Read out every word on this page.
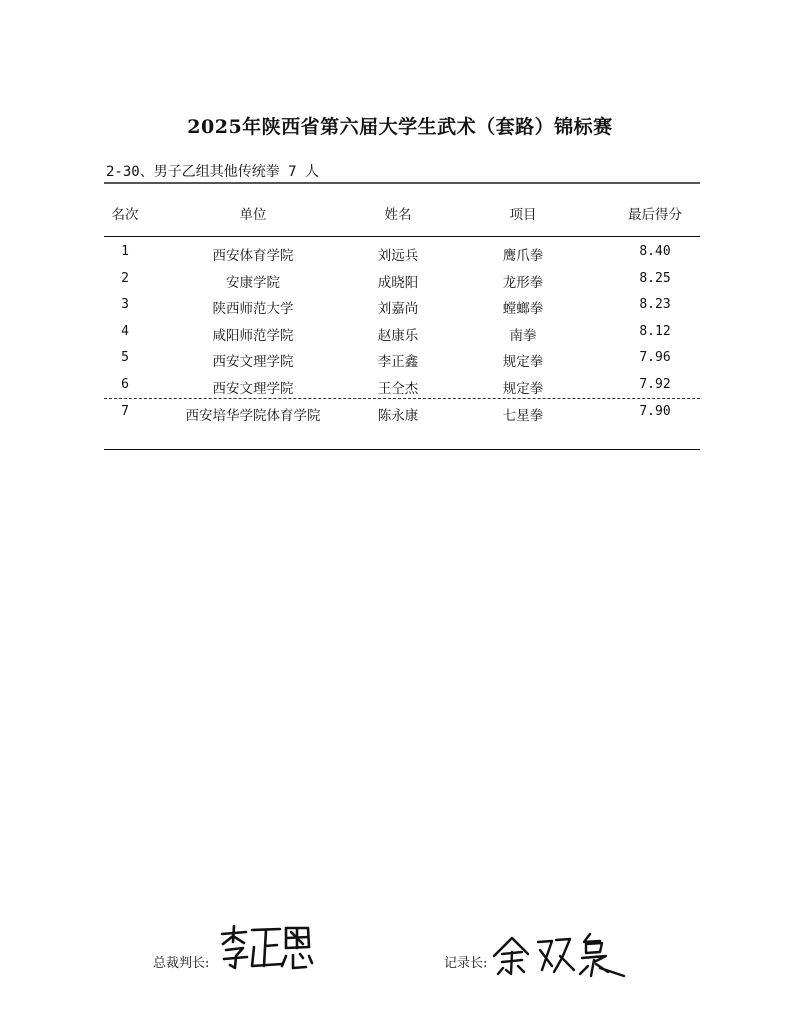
2025年陕西省第六届大学生武术（套路）锦标赛
2-30、男子乙组其他传统拳 7 人
名次	单位	姓名	项目	最后得分
1	西安体育学院	刘远兵	鹰爪拳	8.40
2	安康学院	成晓阳	龙形拳	8.25
3	陕西师范大学	刘嘉尚	螳螂拳	8.23
4	咸阳师范学院	赵康乐	南拳	8.12
5	西安文理学院	李正鑫	规定拳	7.96
6	西安文理学院	王仝杰	规定拳	7.92
7	西安培华学院体育学院	陈永康	七星拳	7.90
总裁判长:	记录长:
